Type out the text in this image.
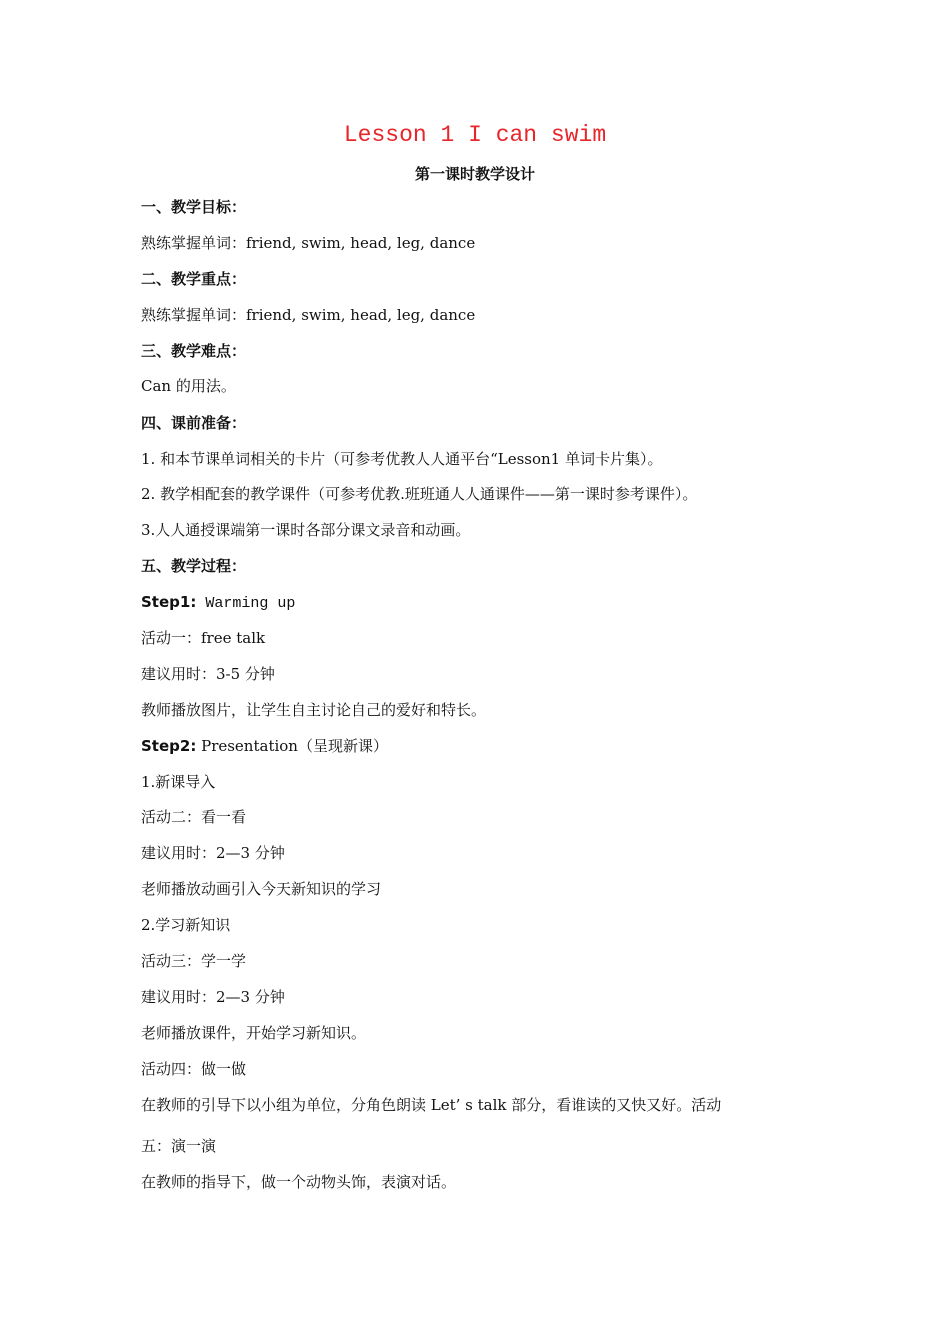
Lesson 1 I can swim
第一课时教学设计
一、教学目标：
熟练掌握单词：friend, swim, head, leg, dance
二、教学重点：
熟练掌握单词：friend, swim, head, leg, dance
三、教学难点：
Can 的用法。
四、课前准备：
1. 和本节课单词相关的卡片（可参考优教人人通平台“Lesson1 单词卡片集）。
2. 教学相配套的教学课件（可参考优教.班班通人人通课件——第一课时参考课件）。
3.人人通授课端第一课时各部分课文录音和动画。
五、教学过程：
Step1: Warming up
活动一：free talk
建议用时：3-5 分钟
教师播放图片，让学生自主讨论自己的爱好和特长。
Step2: Presentation（呈现新课）
1.新课导入
活动二：看一看
建议用时：2—3 分钟
老师播放动画引入今天新知识的学习
2.学习新知识
活动三：学一学
建议用时：2—3 分钟
老师播放课件，开始学习新知识。
活动四：做一做
在教师的引导下以小组为单位，分角色朗读 Let’ s talk 部分，看谁读的又快又好。活动
五：演一演
在教师的指导下，做一个动物头饰，表演对话。
